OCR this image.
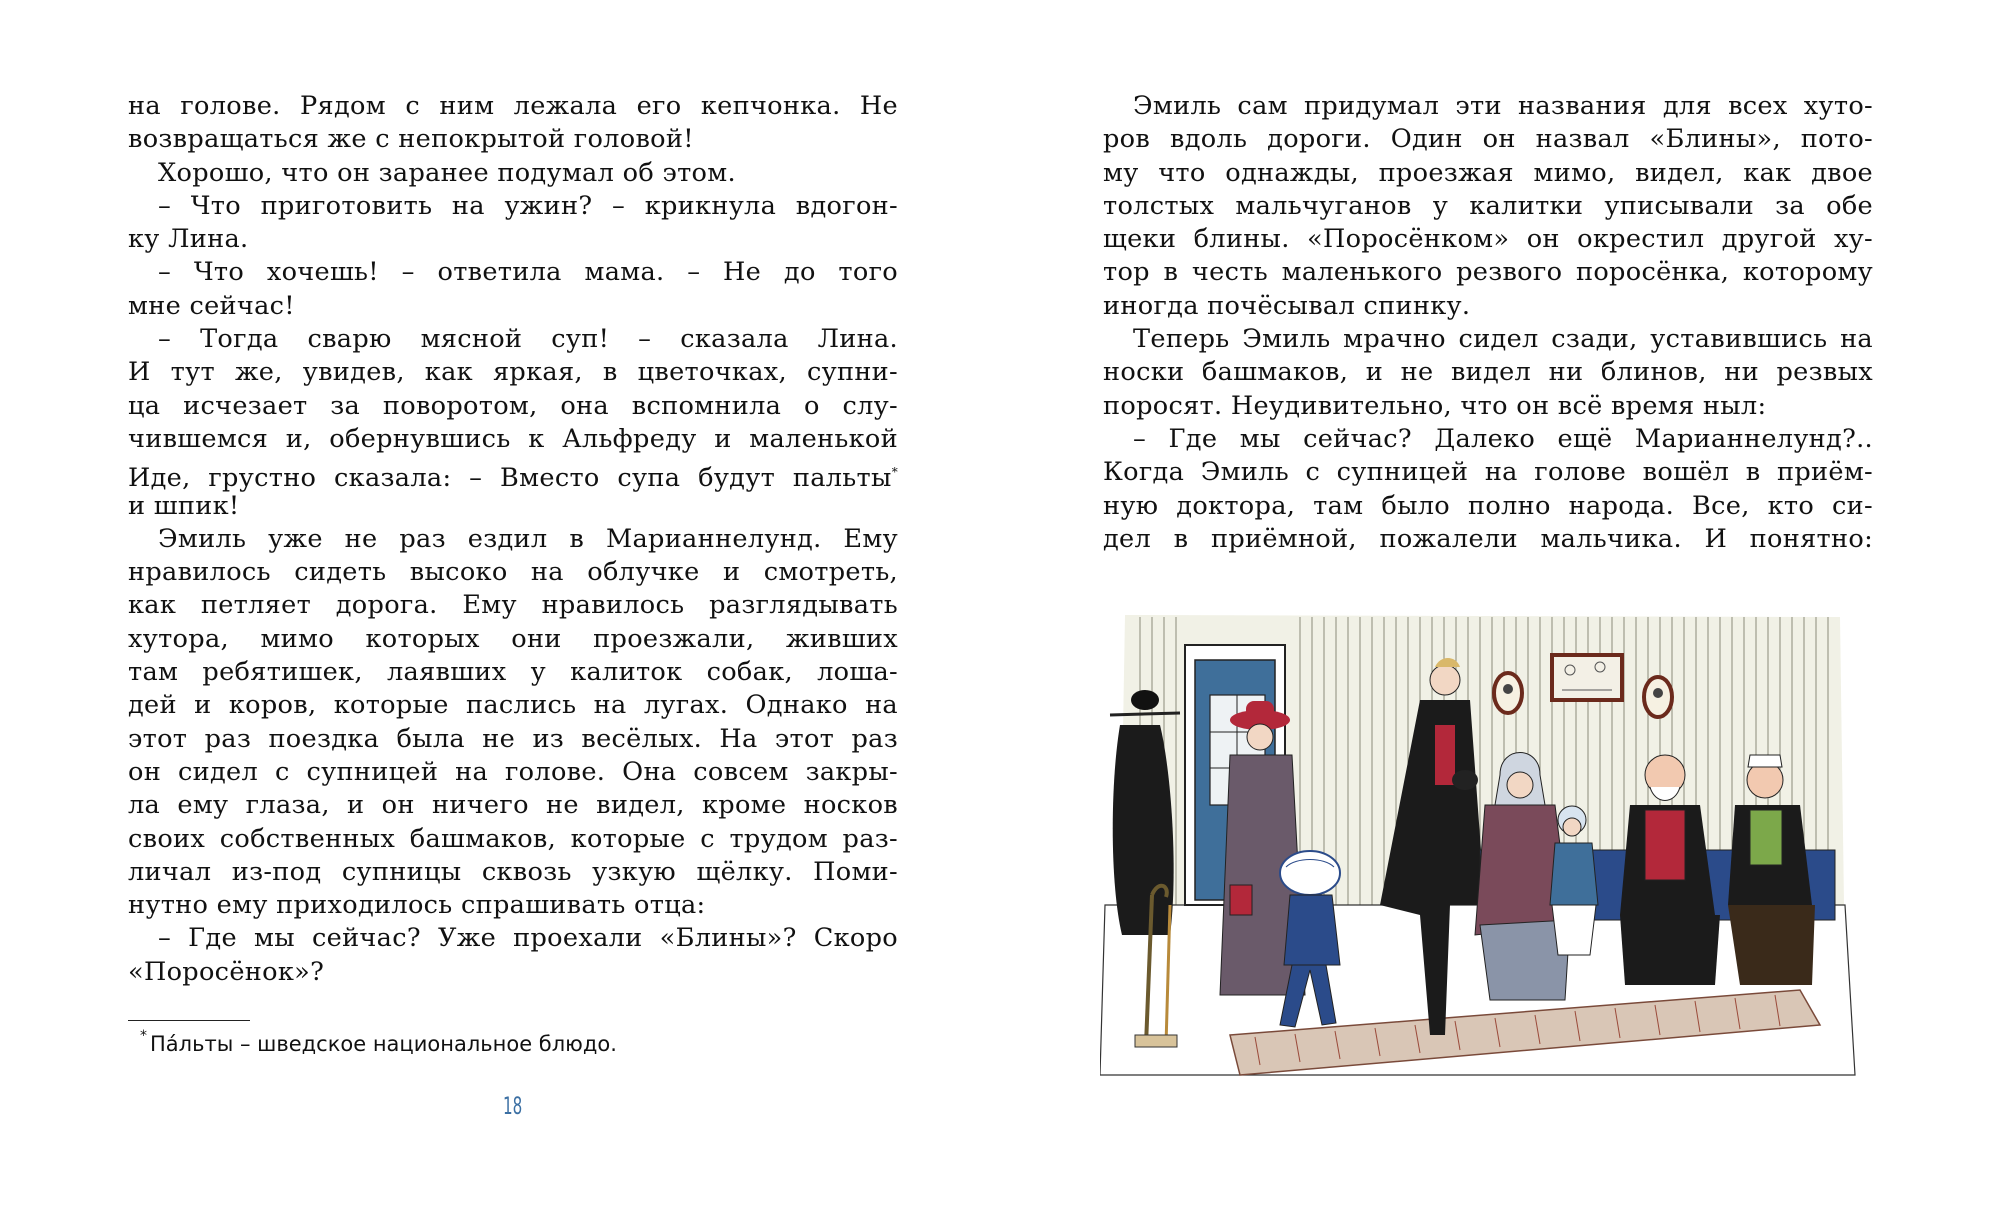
на голове. Рядом с ним лежала его кепчонка. Не
возвращаться же с непокрытой головой!
Хорошо, что он заранее подумал об этом.
– Что приготовить на ужин? – крикнула вдогон-
ку Лина.
– Что хочешь! – ответила мама. – Не до того
мне сейчас!
– Тогда сварю мясной суп! – сказала Лина.
И тут же, увидев, как яркая, в цветочках, супни-
ца исчезает за поворотом, она вспомнила о слу-
чившемся и, обернувшись к Альфреду и маленькой
Иде, грустно сказала: – Вместо супа будут пальты*
и шпик!
Эмиль уже не раз ездил в Марианнелунд. Ему
нравилось сидеть высоко на облучке и смотреть,
как петляет дорога. Ему нравилось разглядывать
хутора, мимо которых они проезжали, живших
там ребятишек, лаявших у калиток собак, лоша-
дей и коров, которые паслись на лугах. Однако на
этот раз поездка была не из весёлых. На этот раз
он сидел с супницей на голове. Она совсем закры-
ла ему глаза, и он ничего не видел, кроме носков
своих собственных башмаков, которые с трудом раз-
личал из-под супницы сквозь узкую щёлку. Поми-
нутно ему приходилось спрашивать отца:
– Где мы сейчас? Уже проехали «Блины»? Скоро
«Поросёнок»?
* Па́льты – шведское национальное блюдо.
18
Эмиль сам придумал эти названия для всех хуто-
ров вдоль дороги. Один он назвал «Блины», пото-
му что однажды, проезжая мимо, видел, как двое
толстых мальчуганов у калитки уписывали за обе
щеки блины. «Поросёнком» он окрестил другой ху-
тор в честь маленького резвого поросёнка, которому
иногда почёсывал спинку.
Теперь Эмиль мрачно сидел сзади, уставившись на
носки башмаков, и не видел ни блинов, ни резвых
поросят. Неудивительно, что он всё время ныл:
– Где мы сейчас? Далеко ещё Марианнелунд?..
Когда Эмиль с супницей на голове вошёл в приём-
ную доктора, там было полно народа. Все, кто си-
дел в приёмной, пожалели мальчика. И понятно:
